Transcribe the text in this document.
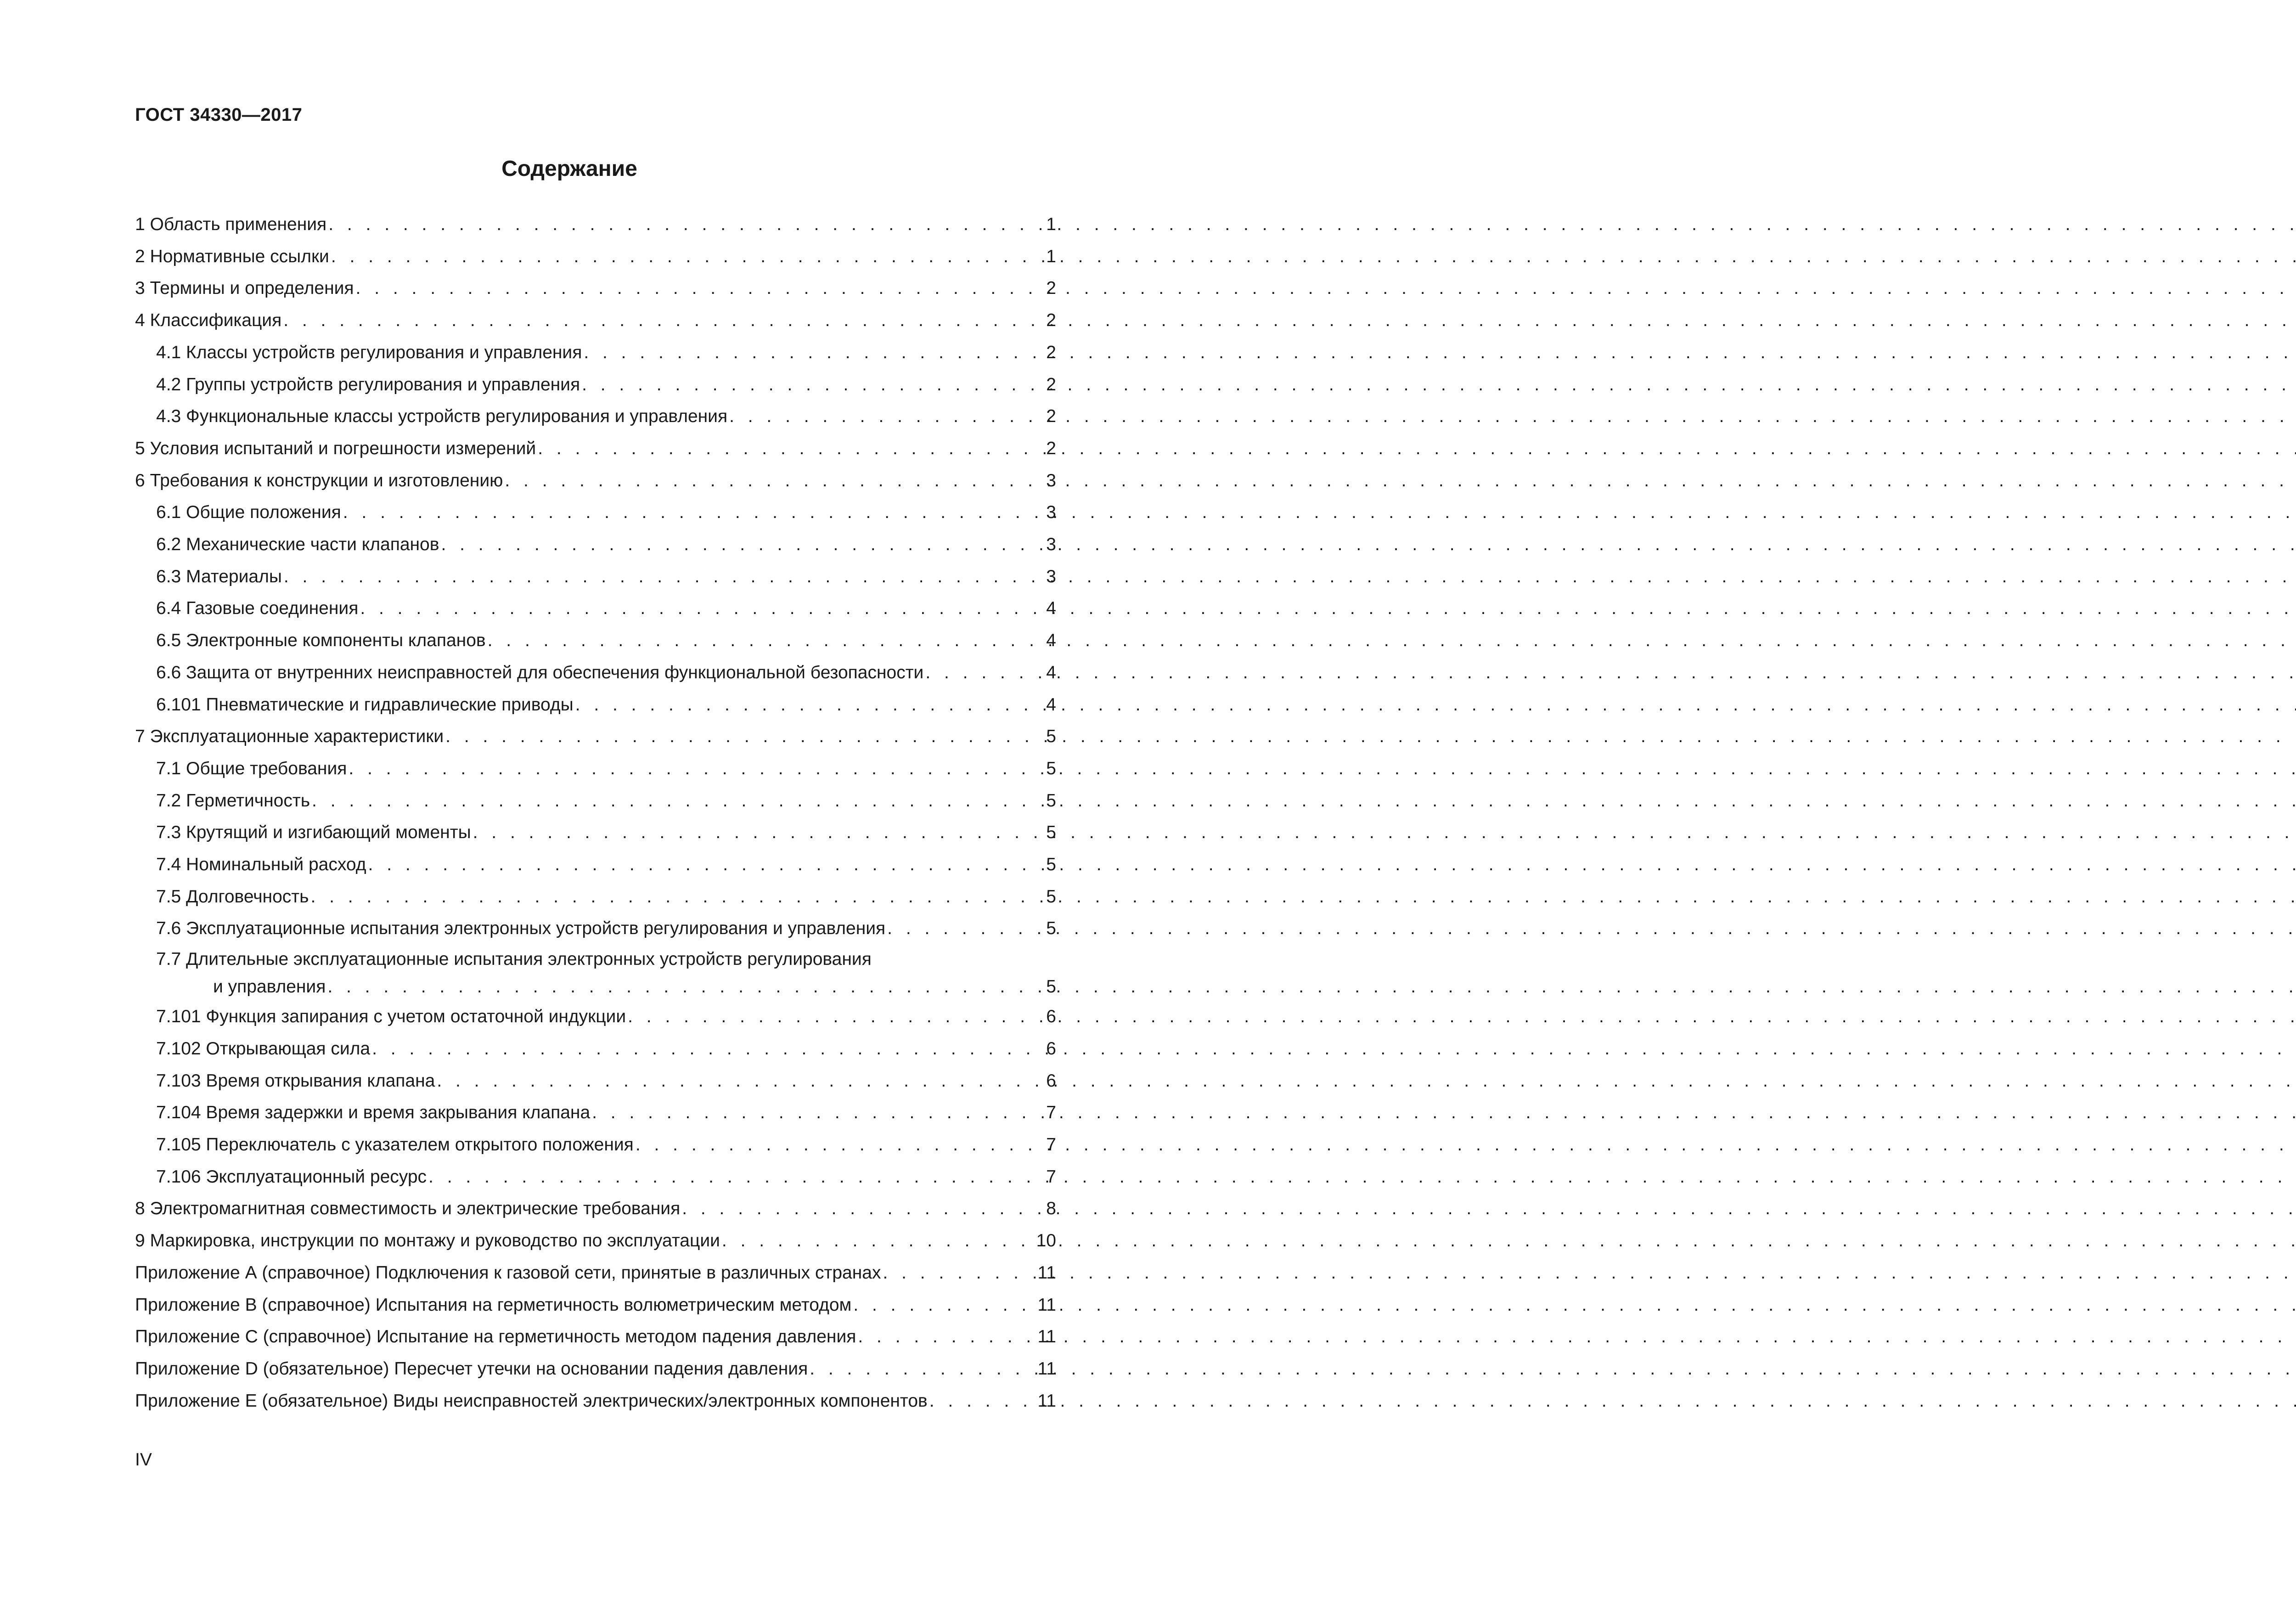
ГОСТ 34330—2017
Содержание
1 Область применения . . .	1
2 Нормативные ссылки . . .	1
3 Термины и определения . . .	2
4 Классификация . . .	2
4.1 Классы устройств регулирования и управления . . .	2
4.2 Группы устройств регулирования и управления . . .	2
4.3 Функциональные классы устройств регулирования и управления . . .	2
5 Условия испытаний и погрешности измерений . . .	2
6 Требования к конструкции и изготовлению . . .	3
6.1 Общие положения . . .	3
6.2 Механические части клапанов . . .	3
6.3 Материалы . . .	3
6.4 Газовые соединения . . .	4
6.5 Электронные компоненты клапанов . . .	4
6.6 Защита от внутренних неисправностей для обеспечения функциональной безопасности . . .	4
6.101 Пневматические и гидравлические приводы . . .	4
7 Эксплуатационные характеристики . . .	5
7.1 Общие требования . . .	5
7.2 Герметичность . . .	5
7.3 Крутящий и изгибающий моменты . . .	5
7.4 Номинальный расход . . .	5
7.5 Долговечность . . .	5
7.6 Эксплуатационные испытания электронных устройств регулирования и управления . . .	5
7.7 Длительные эксплуатационные испытания электронных устройств регулирования
и управления . . .	5
7.101 Функция запирания с учетом остаточной индукции . . .	6
7.102 Открывающая сила . . .	6
7.103 Время открывания клапана . . .	6
7.104 Время задержки и время закрывания клапана . . .	7
7.105 Переключатель с указателем открытого положения . . .	7
7.106 Эксплуатационный ресурс . . .	7
8 Электромагнитная совместимость и электрические требования . . .	8
9 Маркировка, инструкции по монтажу и руководство по эксплуатации . . .	10
Приложение А (справочное) Подключения к газовой сети, принятые в различных странах . . .	11
Приложение В (справочное) Испытания на герметичность волюметрическим методом . . .	11
Приложение С (справочное) Испытание на герметичность методом падения давления . . .	11
Приложение D (обязательное) Пересчет утечки на основании падения давления . . .	11
Приложение Е (обязательное) Виды неисправностей электрических/электронных компонентов . . .	11
IV
